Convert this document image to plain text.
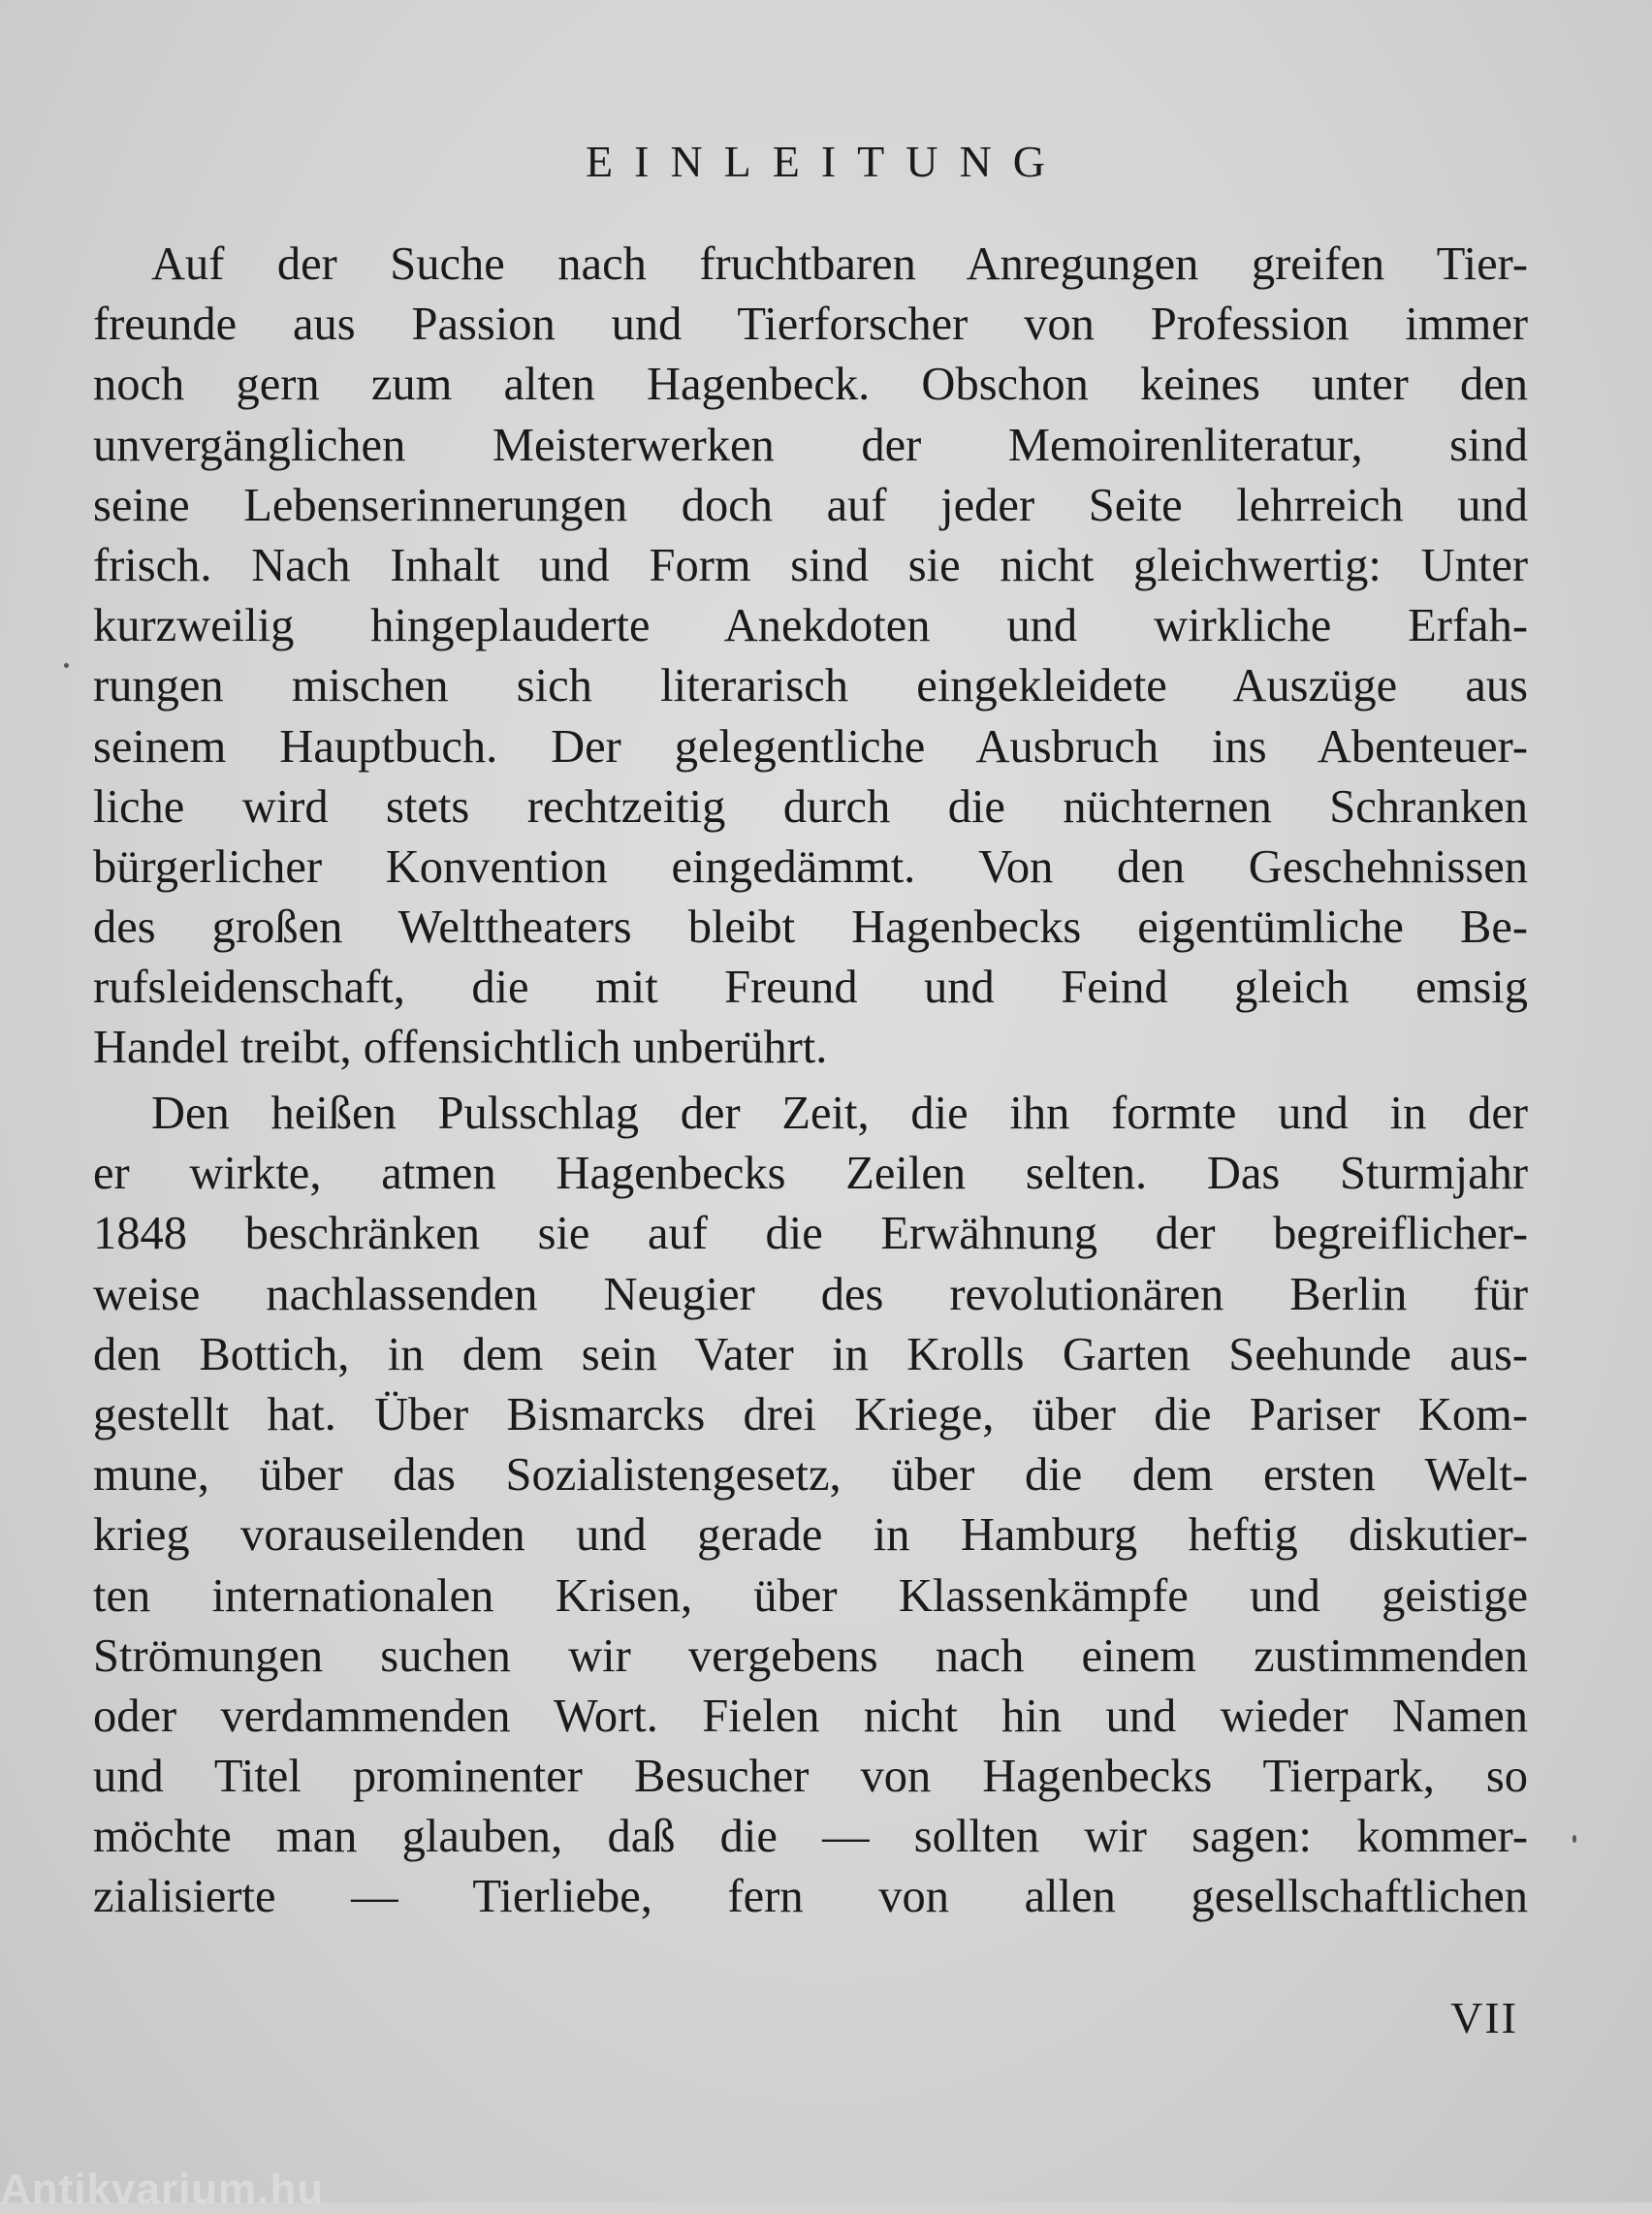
EINLEITUNG
Auf der Suche nach fruchtbaren Anregungen greifen Tier-
freunde aus Passion und Tierforscher von Profession immer
noch gern zum alten Hagenbeck. Obschon keines unter den
unvergänglichen Meisterwerken der Memoirenliteratur, sind
seine Lebenserinnerungen doch auf jeder Seite lehrreich und
frisch. Nach Inhalt und Form sind sie nicht gleichwertig: Unter
kurzweilig hingeplauderte Anekdoten und wirkliche Erfah-
rungen mischen sich literarisch eingekleidete Auszüge aus
seinem Hauptbuch. Der gelegentliche Ausbruch ins Abenteuer-
liche wird stets rechtzeitig durch die nüchternen Schranken
bürgerlicher Konvention eingedämmt. Von den Geschehnissen
des großen Welttheaters bleibt Hagenbecks eigentümliche Be-
rufsleidenschaft, die mit Freund und Feind gleich emsig
Handel treibt, offensichtlich unberührt.
Den heißen Pulsschlag der Zeit, die ihn formte und in der
er wirkte, atmen Hagenbecks Zeilen selten. Das Sturmjahr
1848 beschränken sie auf die Erwähnung der begreiflicher-
weise nachlassenden Neugier des revolutionären Berlin für
den Bottich, in dem sein Vater in Krolls Garten Seehunde aus-
gestellt hat. Über Bismarcks drei Kriege, über die Pariser Kom-
mune, über das Sozialistengesetz, über die dem ersten Welt-
krieg vorauseilenden und gerade in Hamburg heftig diskutier-
ten internationalen Krisen, über Klassenkämpfe und geistige
Strömungen suchen wir vergebens nach einem zustimmenden
oder verdammenden Wort. Fielen nicht hin und wieder Namen
und Titel prominenter Besucher von Hagenbecks Tierpark, so
möchte man glauben, daß die — sollten wir sagen: kommer-
zialisierte — Tierliebe, fern von allen gesellschaftlichen
VII
Antikvarium.hu
